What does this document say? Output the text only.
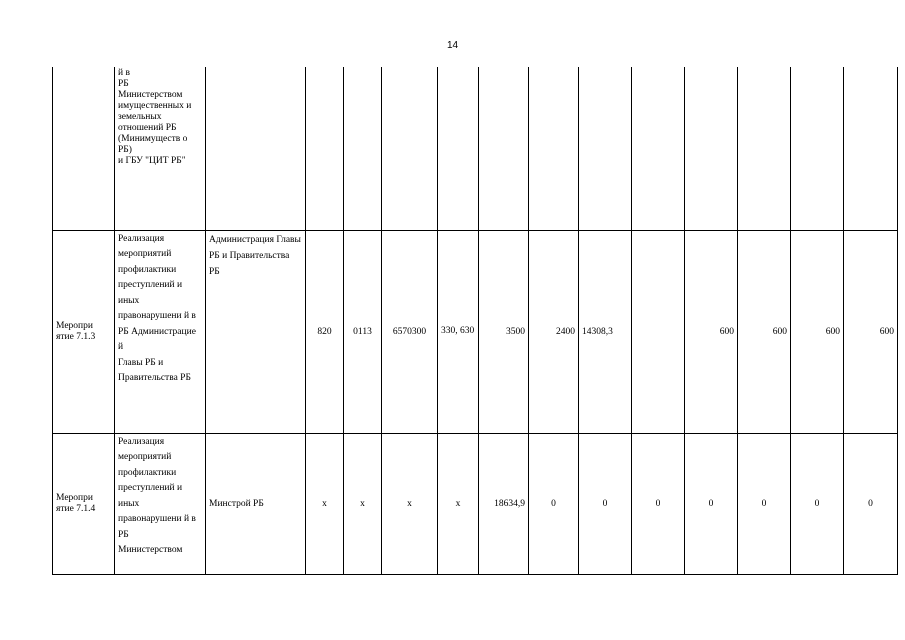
14
	й в
РБ
Министерством имущественных и
земельных отношений РБ (Минимуществ о РБ)
и ГБУ "ЦИТ РБ"													
Меропри ятие 7.1.3	Реализация мероприятий профилактики преступлений и иных правонарушени й в
РБ Администрацие й
Главы РБ и Правительства РБ	Администрация Главы РБ и Правительства РБ	820	0113	6570300	330, 630	3500	2400	14308,3		600	600	600	600
Меропри ятие 7.1.4	Реализация мероприятий профилактики преступлений и иных правонарушени й в
РБ
Министерством	Минстрой РБ	x	x	x	x	18634,9	0	0	0	0	0	0	0
